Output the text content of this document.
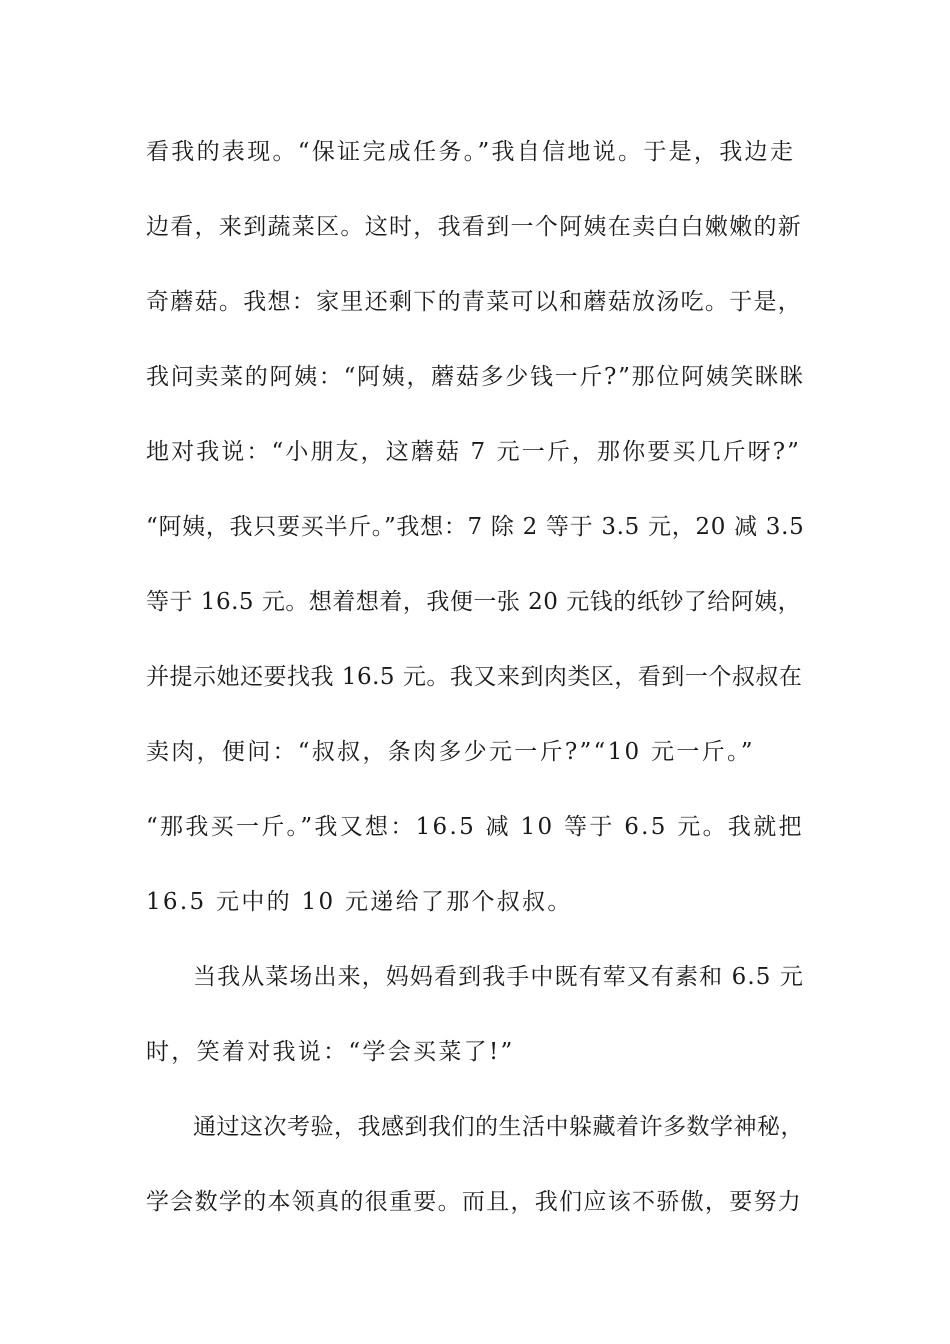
看我的表现。“保证完成任务。”我自信地说。于是，我边走
边看，来到蔬菜区。这时，我看到一个阿姨在卖白白嫩嫩的新
奇蘑菇。我想：家里还剩下的青菜可以和蘑菇放汤吃。于是，
我问卖菜的阿姨：“阿姨，蘑菇多少钱一斤?”那位阿姨笑眯眯
地对我说：“小朋友，这蘑菇 7 元一斤，那你要买几斤呀?”
“阿姨，我只要买半斤。”我想：7 除 2 等于 3.5 元，20 减 3.5
等于 16.5 元。想着想着，我便一张 20 元钱的纸钞了给阿姨，
并提示她还要找我 16.5 元。我又来到肉类区，看到一个叔叔在
卖肉，便问：“叔叔，条肉多少元一斤?”“10 元一斤。”
“那我买一斤。”我又想：16.5 减 10 等于 6.5 元。我就把
16.5 元中的 10 元递给了那个叔叔。
当我从菜场出来，妈妈看到我手中既有荤又有素和 6.5 元
时，笑着对我说：“学会买菜了!”
通过这次考验，我感到我们的生活中躲藏着许多数学神秘，
学会数学的本领真的很重要。而且，我们应该不骄傲，要努力
